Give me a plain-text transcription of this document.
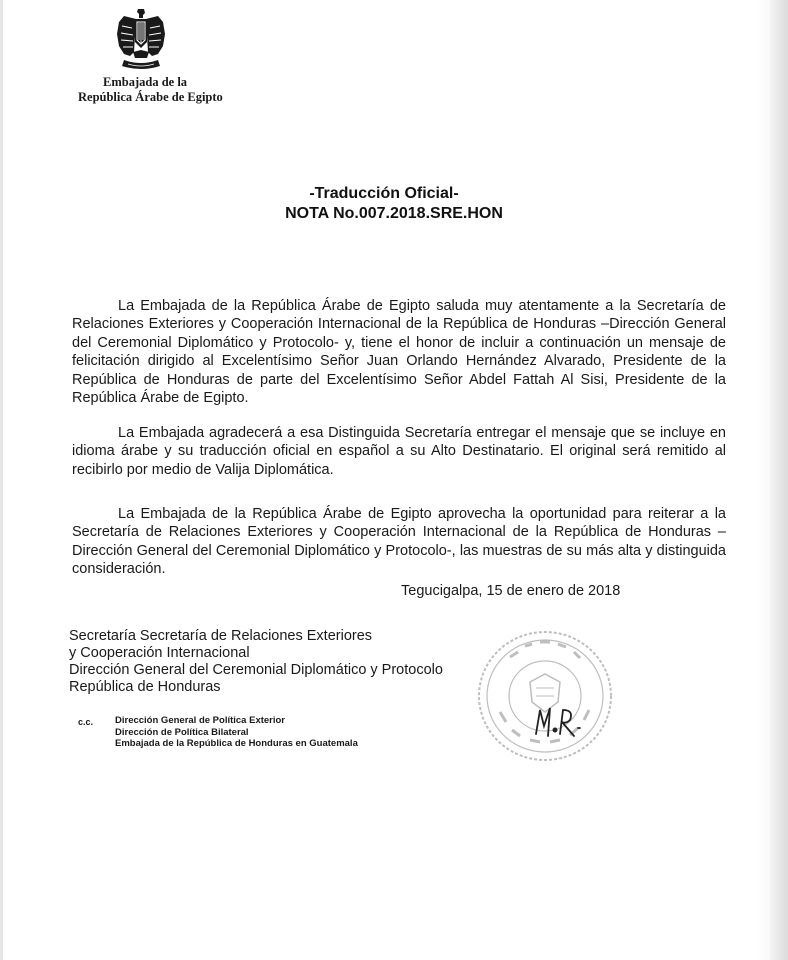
Embajada de la
República Árabe de Egipto
-Traducción Oficial-
NOTA No.007.2018.SRE.HON

La Embajada de la República Árabe de Egipto saluda muy atentamente a la Secretaría de Relaciones Exteriores y Cooperación Internacional de la República de Honduras –Dirección General del Ceremonial Diplomático y Protocolo- y, tiene el honor de incluir a continuación un mensaje de felicitación dirigido al Excelentísimo Señor Juan Orlando Hernández Alvarado, Presidente de la República de Honduras de parte del Excelentísimo Señor Abdel Fattah Al Sisi, Presidente de la República Árabe de Egipto.

La Embajada agradecerá a esa Distinguida Secretaría entregar el mensaje que se incluye en idioma árabe y su traducción oficial en español a su Alto Destinatario. El original será remitido al recibirlo por medio de Valija Diplomática.

La Embajada de la República Árabe de Egipto aprovecha la oportunidad para reiterar a la Secretaría de Relaciones Exteriores y Cooperación Internacional de la República de Honduras – Dirección General del Ceremonial Diplomático y Protocolo-, las muestras de su más alta y distinguida consideración.

Tegucigalpa, 15 de enero de 2018
Secretaría Secretaría de Relaciones Exteriores
y Cooperación Internacional
Dirección General del Ceremonial Diplomático y Protocolo
República de Honduras
c.c. Dirección General de Política Exterior
Dirección de Política Bilateral
Embajada de la República de Honduras en Guatemala
